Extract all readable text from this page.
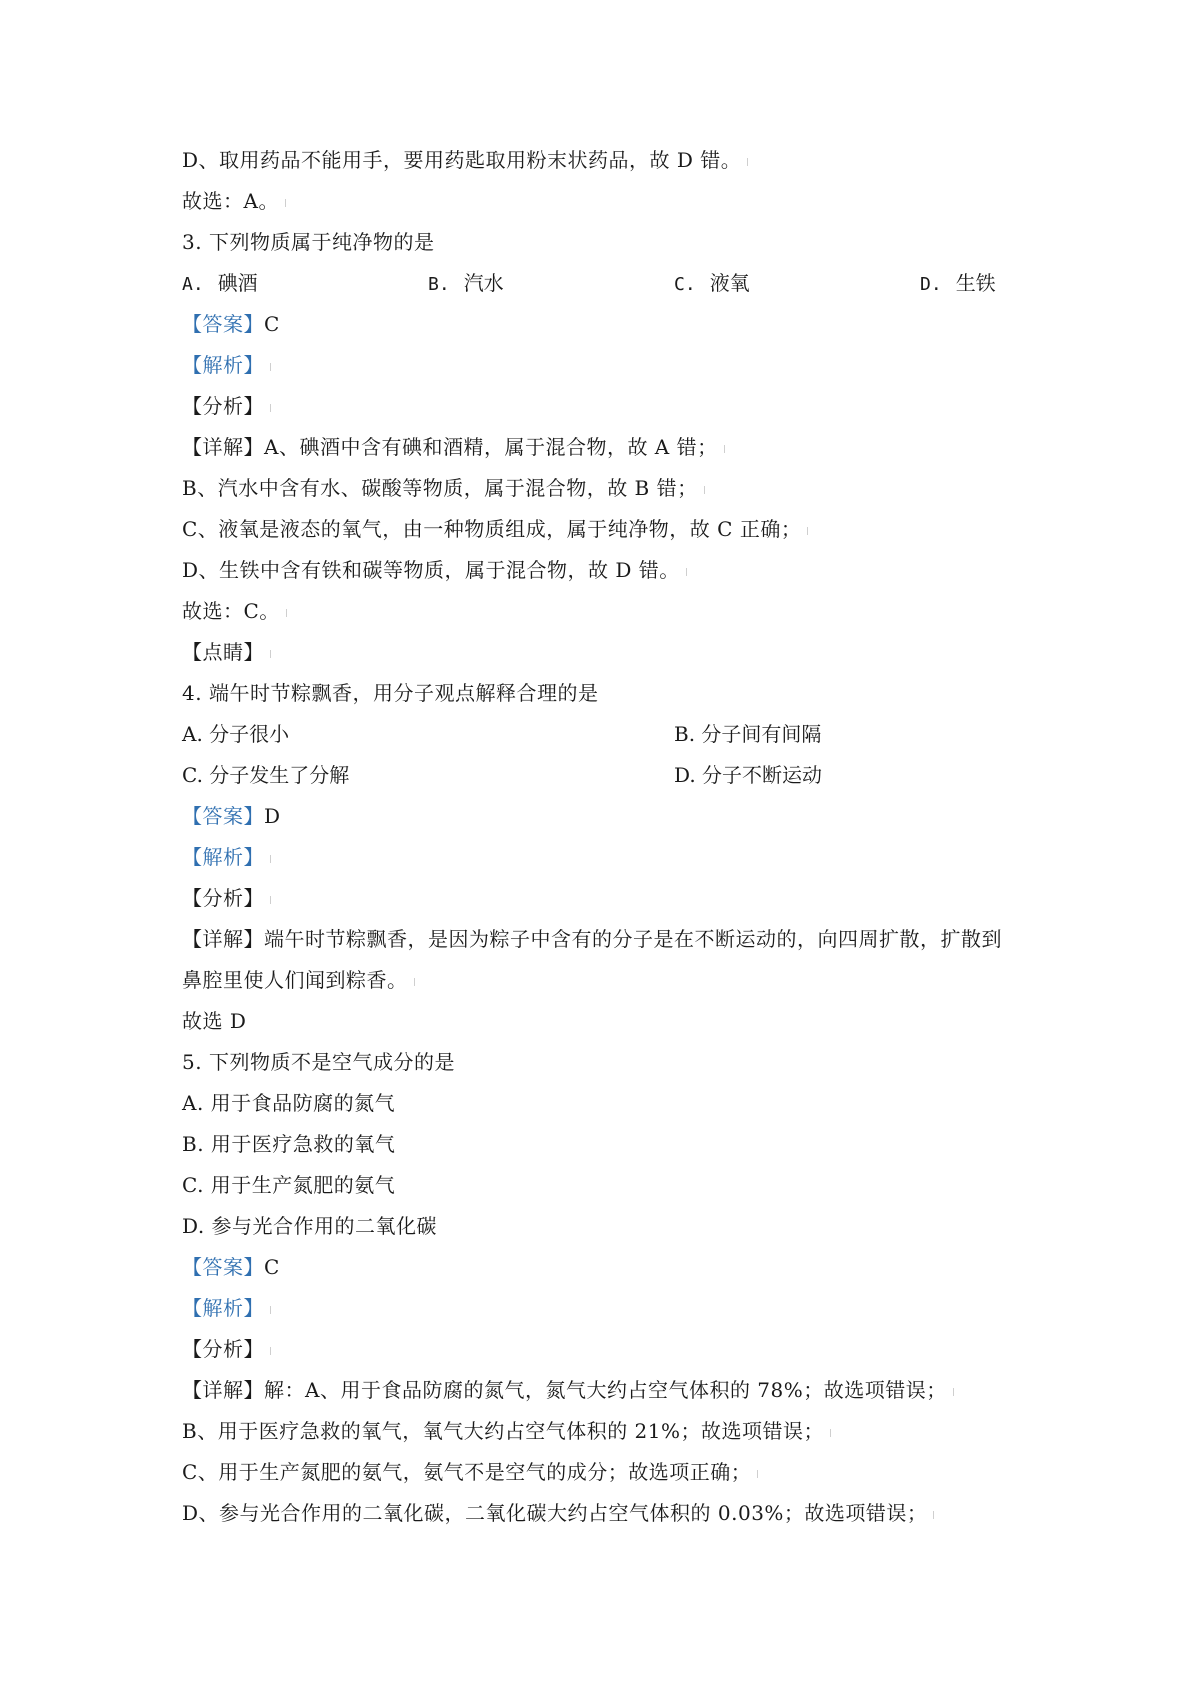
D、取用药品不能用手，要用药匙取用粉末状药品，故 D 错。
故选：A。
3. 下列物质属于纯净物的是
A. 碘酒	B. 汽水	C. 液氧	D. 生铁
【答案】C
【解析】
【分析】
【详解】A、碘酒中含有碘和酒精，属于混合物，故 A 错；
B、汽水中含有水、碳酸等物质，属于混合物，故 B 错；
C、液氧是液态的氧气，由一种物质组成，属于纯净物，故 C 正确；
D、生铁中含有铁和碳等物质，属于混合物，故 D 错。
故选：C。
【点睛】
4. 端午时节粽飘香，用分子观点解释合理的是
A. 分子很小	B. 分子间有间隔
C. 分子发生了分解	D. 分子不断运动
【答案】D
【解析】
【分析】
【详解】端午时节粽飘香，是因为粽子中含有的分子是在不断运动的，向四周扩散，扩散到
鼻腔里使人们闻到粽香。
故选 D
5. 下列物质不是空气成分的是
A. 用于食品防腐的氮气
B. 用于医疗急救的氧气
C. 用于生产氮肥的氨气
D. 参与光合作用的二氧化碳
【答案】C
【解析】
【分析】
【详解】解：A、用于食品防腐的氮气，氮气大约占空气体积的 78%；故选项错误；
B、用于医疗急救的氧气，氧气大约占空气体积的 21%；故选项错误；
C、用于生产氮肥的氨气，氨气不是空气的成分；故选项正确；
D、参与光合作用的二氧化碳，二氧化碳大约占空气体积的 0.03%；故选项错误；
